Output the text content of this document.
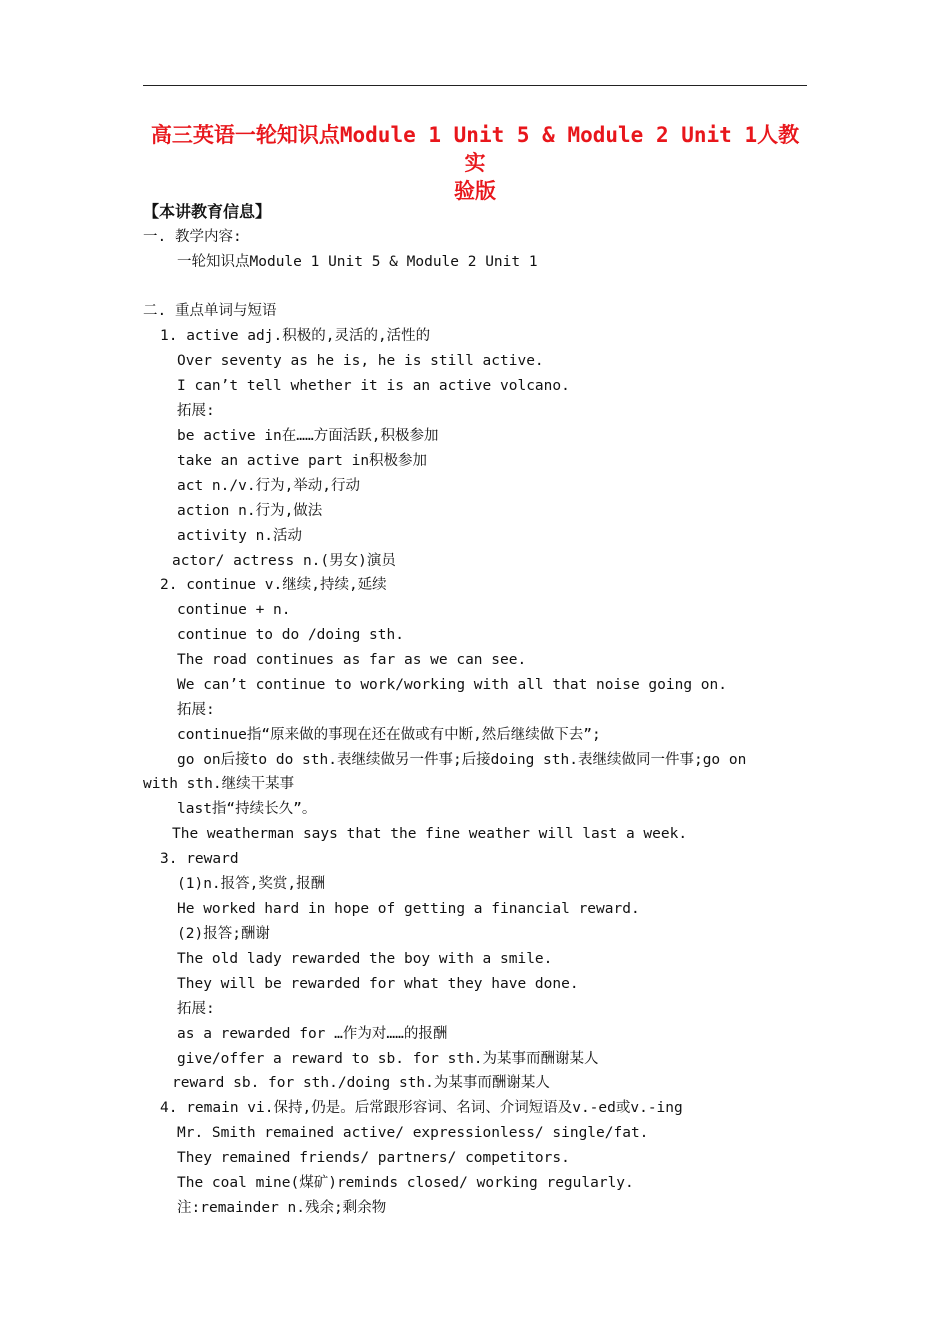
高三英语一轮知识点Module 1 Unit 5 & Module 2 Unit 1人教实
验版
【本讲教育信息】
一. 教学内容:
一轮知识点Module 1 Unit 5 & Module 2 Unit 1
二. 重点单词与短语
1. active adj.积极的,灵活的,活性的
Over seventy as he is, he is still active.
I can’t tell whether it is an active volcano.
拓展:
be active in在……方面活跃,积极参加
take an active part in积极参加
act n./v.行为,举动,行动
action n.行为,做法
activity n.活动
actor/ actress n.(男女)演员
2. continue v.继续,持续,延续
continue + n.
continue to do /doing sth.
The road continues as far as we can see.
We can’t continue to work/working with all that noise going on.
拓展:
continue指“原来做的事现在还在做或有中断,然后继续做下去”;
go on后接to do sth.表继续做另一件事;后接doing sth.表继续做同一件事;go on
with sth.继续干某事
last指“持续长久”。
The weatherman says that the fine weather will last a week.
3. reward
(1)n.报答,奖赏,报酬
He worked hard in hope of getting a financial reward.
(2)报答;酬谢
The old lady rewarded the boy with a smile.
They will be rewarded for what they have done.
拓展:
as a rewarded for …作为对……的报酬
give/offer a reward to sb. for sth.为某事而酬谢某人
reward sb. for sth./doing sth.为某事而酬谢某人
4. remain vi.保持,仍是。后常跟形容词、名词、介词短语及v.-ed或v.-ing
Mr. Smith remained active/ expressionless/ single/fat.
They remained friends/ partners/ competitors.
The coal mine(煤矿)reminds closed/ working regularly.
注:remainder n.残余;剩余物
